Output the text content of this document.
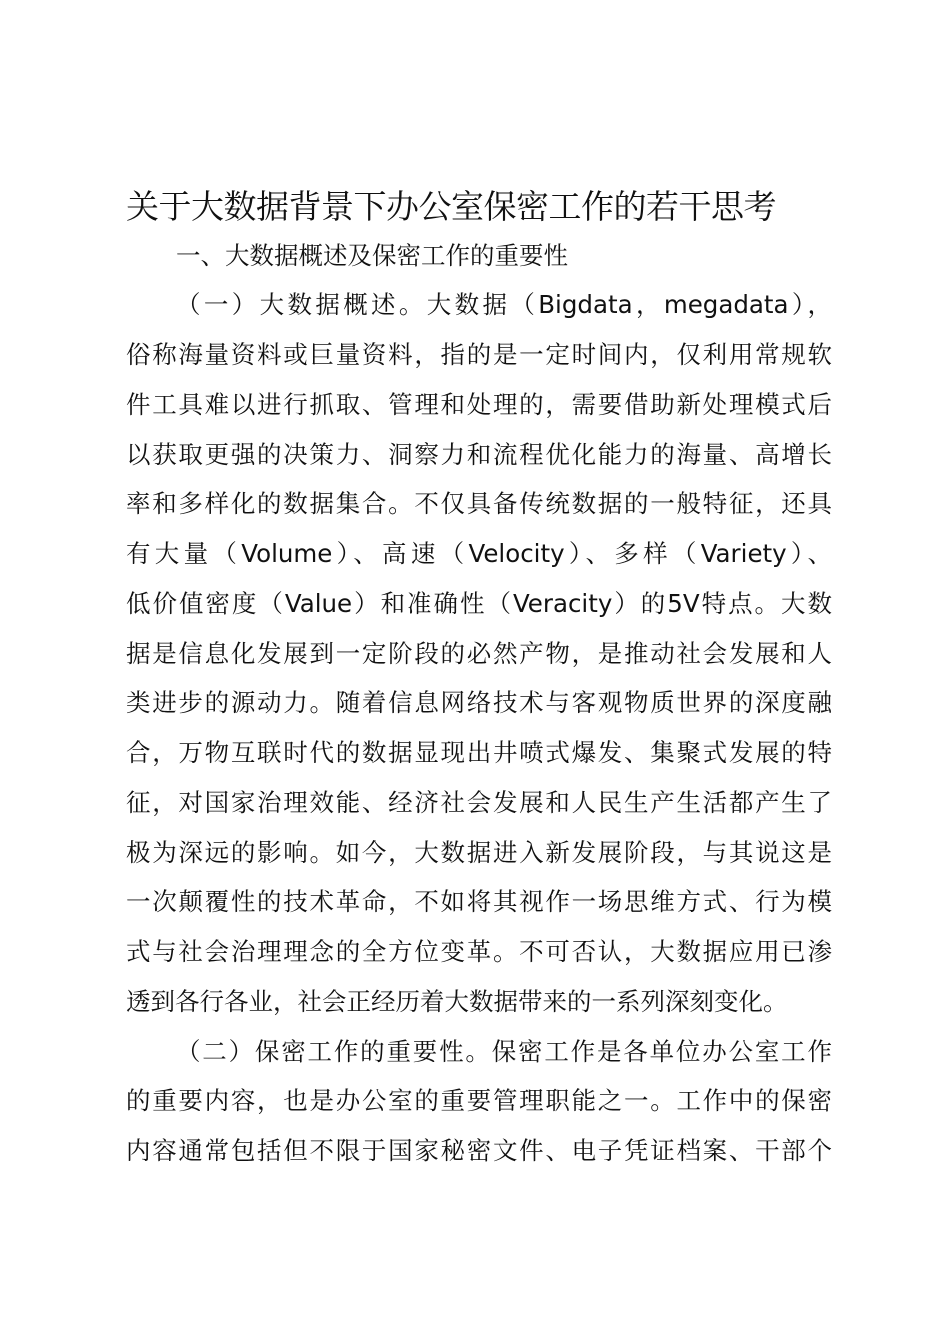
关于大数据背景下办公室保密工作的若干思考

一、大数据概述及保密工作的重要性

（一）大数据概述。大数据（Bigdata，megadata），

俗称海量资料或巨量资料，指的是一定时间内，仅利用常规软

件工具难以进行抓取、管理和处理的，需要借助新处理模式后

以获取更强的决策力、洞察力和流程优化能力的海量、高增长

率和多样化的数据集合。不仅具备传统数据的一般特征，还具

有大量（Volume）、高速（Velocity）、多样（Variety）、

低价值密度（Value）和准确性（Veracity）的5V特点。大数

据是信息化发展到一定阶段的必然产物，是推动社会发展和人

类进步的源动力。随着信息网络技术与客观物质世界的深度融

合，万物互联时代的数据显现出井喷式爆发、集聚式发展的特

征，对国家治理效能、经济社会发展和人民生产生活都产生了

极为深远的影响。如今，大数据进入新发展阶段，与其说这是

一次颠覆性的技术革命，不如将其视作一场思维方式、行为模

式与社会治理理念的全方位变革。不可否认，大数据应用已渗

透到各行各业，社会正经历着大数据带来的一系列深刻变化。

（二）保密工作的重要性。保密工作是各单位办公室工作

的重要内容，也是办公室的重要管理职能之一。工作中的保密

内容通常包括但不限于国家秘密文件、电子凭证档案、干部个
